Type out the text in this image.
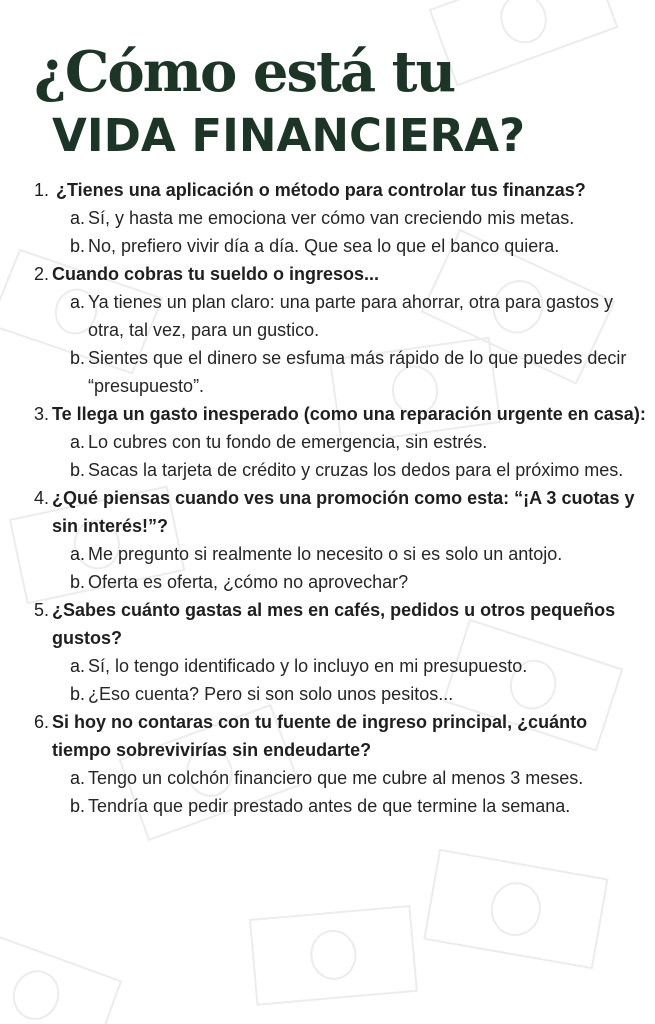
¿Cómo está tu
VIDA FINANCIERA?
1. ¿Tienes una aplicación o método para controlar tus finanzas?
a. Sí, y hasta me emociona ver cómo van creciendo mis metas.
b. No, prefiero vivir día a día. Que sea lo que el banco quiera.
2. Cuando cobras tu sueldo o ingresos...
a. Ya tienes un plan claro: una parte para ahorrar, otra para gastos y otra, tal vez, para un gustico.
b. Sientes que el dinero se esfuma más rápido de lo que puedes decir “presupuesto”.
3. Te llega un gasto inesperado (como una reparación urgente en casa):
a. Lo cubres con tu fondo de emergencia, sin estrés.
b. Sacas la tarjeta de crédito y cruzas los dedos para el próximo mes.
4. ¿Qué piensas cuando ves una promoción como esta: “¡A 3 cuotas y sin interés!”?
a. Me pregunto si realmente lo necesito o si es solo un antojo.
b. Oferta es oferta, ¿cómo no aprovechar?
5. ¿Sabes cuánto gastas al mes en cafés, pedidos u otros pequeños gustos?
a. Sí, lo tengo identificado y lo incluyo en mi presupuesto.
b. ¿Eso cuenta? Pero si son solo unos pesitos...
6. Si hoy no contaras con tu fuente de ingreso principal, ¿cuánto tiempo sobrevivirías sin endeudarte?
a. Tengo un colchón financiero que me cubre al menos 3 meses.
b. Tendría que pedir prestado antes de que termine la semana.
